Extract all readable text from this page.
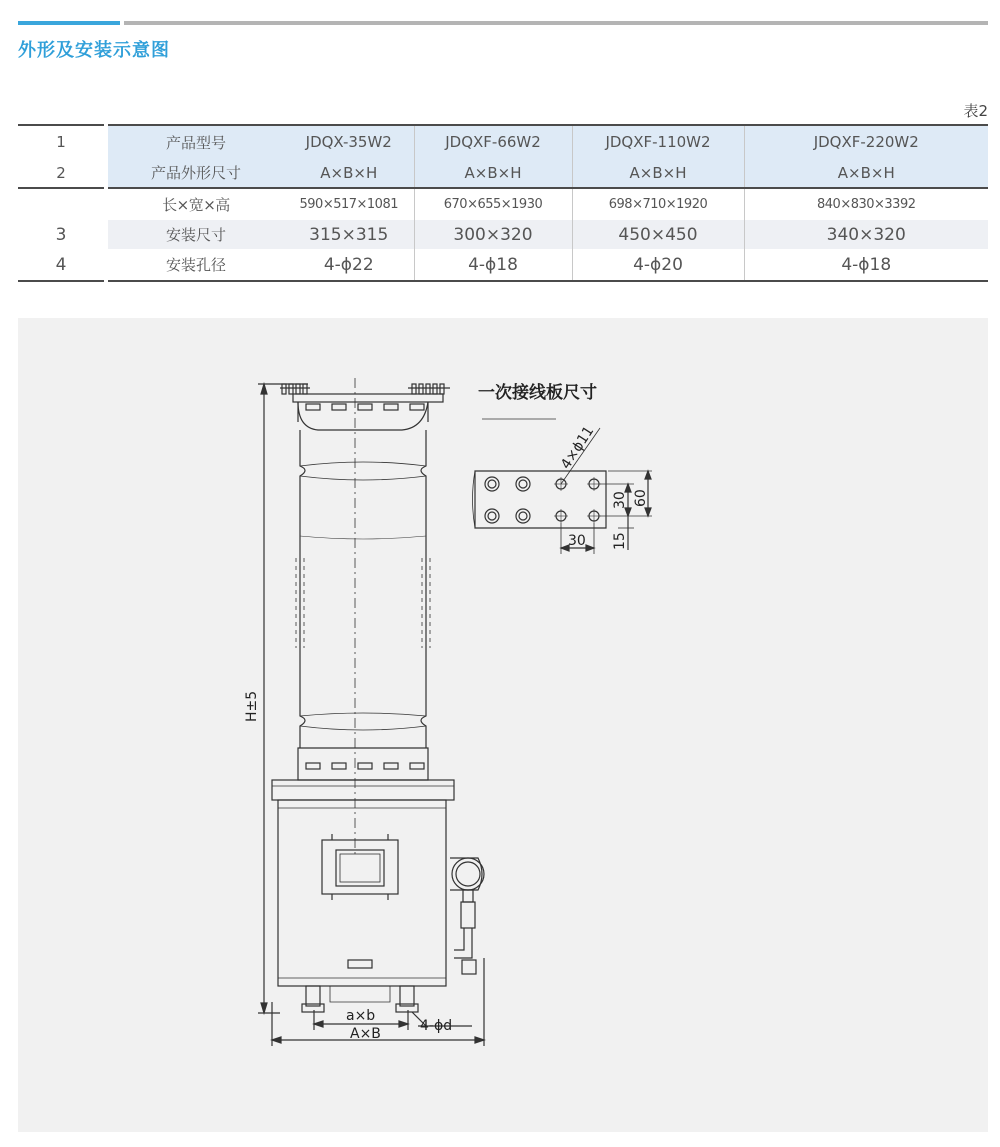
外形及安装示意图
表2
1	产品型号	JDQX-35W2	JDQXF-66W2	JDQXF-110W2	JDQXF-220W2
2	产品外形尺寸	A×B×H	A×B×H	A×B×H	A×B×H
	长×宽×高	590×517×1081	670×655×1930	698×710×1920	840×830×3392
3	安装尺寸	315×315	300×320	450×450	340×320
4	安装孔径	4-ϕ22	4-ϕ18	4-ϕ20	4-ϕ18
一次接线板尺寸
4×ϕ11
30 60
30 15
H±5
a×b
A×B	4-ϕd
